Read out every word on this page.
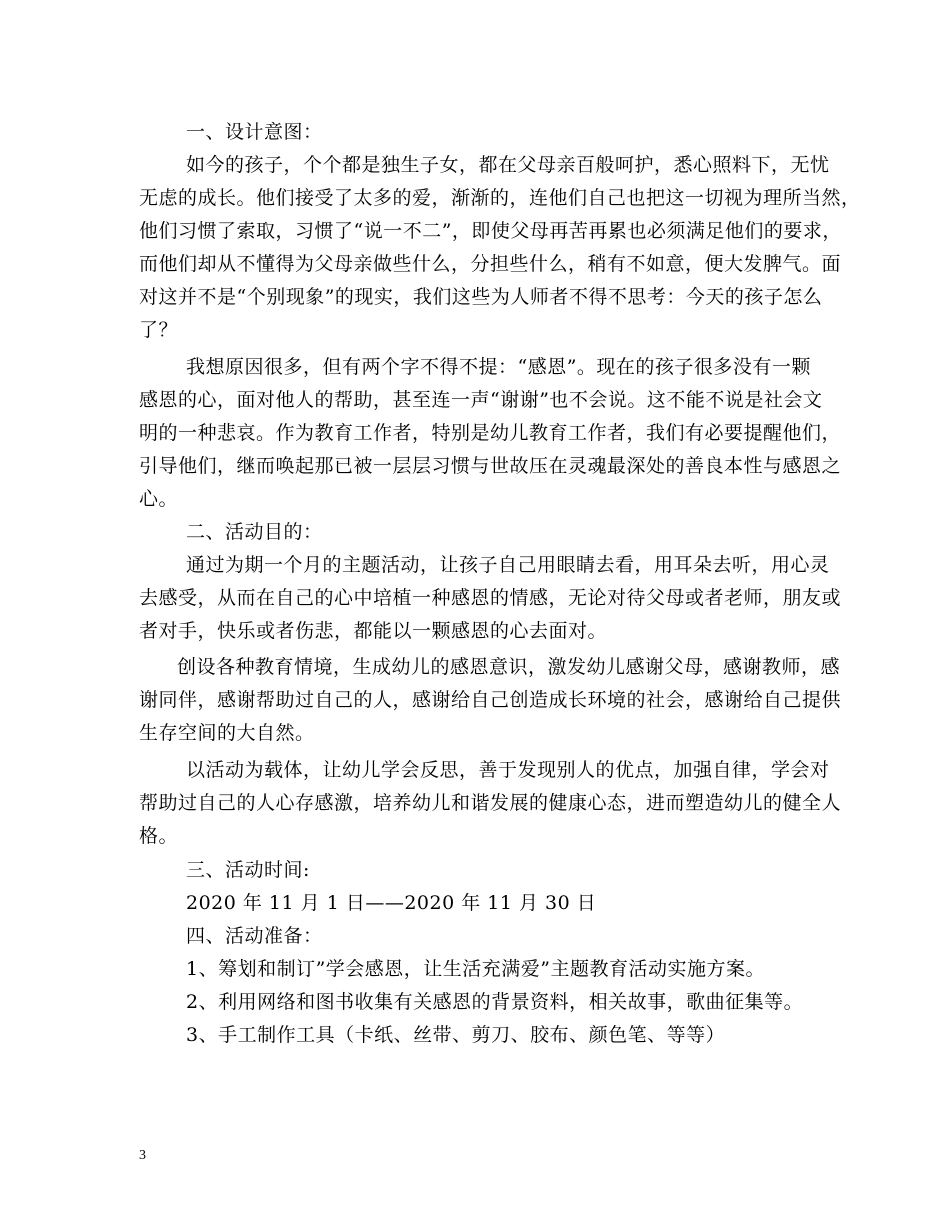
一、设计意图：
如今的孩子，个个都是独生子女，都在父母亲百般呵护，悉心照料下，无忧
无虑的成长。他们接受了太多的爱，渐渐的，连他们自己也把这一切视为理所当然，
他们习惯了索取，习惯了“说一不二”，即使父母再苦再累也必须满足他们的要求，
而他们却从不懂得为父母亲做些什么，分担些什么，稍有不如意，便大发脾气。面
对这并不是“个别现象”的现实，我们这些为人师者不得不思考：今天的孩子怎么
了？
我想原因很多，但有两个字不得不提：“感恩”。现在的孩子很多没有一颗
感恩的心，面对他人的帮助，甚至连一声“谢谢”也不会说。这不能不说是社会文
明的一种悲哀。作为教育工作者，特别是幼儿教育工作者，我们有必要提醒他们，
引导他们，继而唤起那已被一层层习惯与世故压在灵魂最深处的善良本性与感恩之
心。
二、活动目的：
通过为期一个月的主题活动，让孩子自己用眼睛去看，用耳朵去听，用心灵
去感受，从而在自己的心中培植一种感恩的情感，无论对待父母或者老师，朋友或
者对手，快乐或者伤悲，都能以一颗感恩的心去面对。
创设各种教育情境，生成幼儿的感恩意识，激发幼儿感谢父母，感谢教师，感
谢同伴，感谢帮助过自己的人，感谢给自己创造成长环境的社会，感谢给自己提供
生存空间的大自然。
以活动为载体，让幼儿学会反思，善于发现别人的优点，加强自律，学会对
帮助过自己的人心存感激，培养幼儿和谐发展的健康心态，进而塑造幼儿的健全人
格。
三、活动时间:
2020 年 11 月 1 日——2020 年 11 月 30 日
四、活动准备：
1、筹划和制订”学会感恩，让生活充满爱”主题教育活动实施方案。
2、利用网络和图书收集有关感恩的背景资料，相关故事，歌曲征集等。
3、手工制作工具（卡纸、丝带、剪刀、胶布、颜色笔、等等）
3
